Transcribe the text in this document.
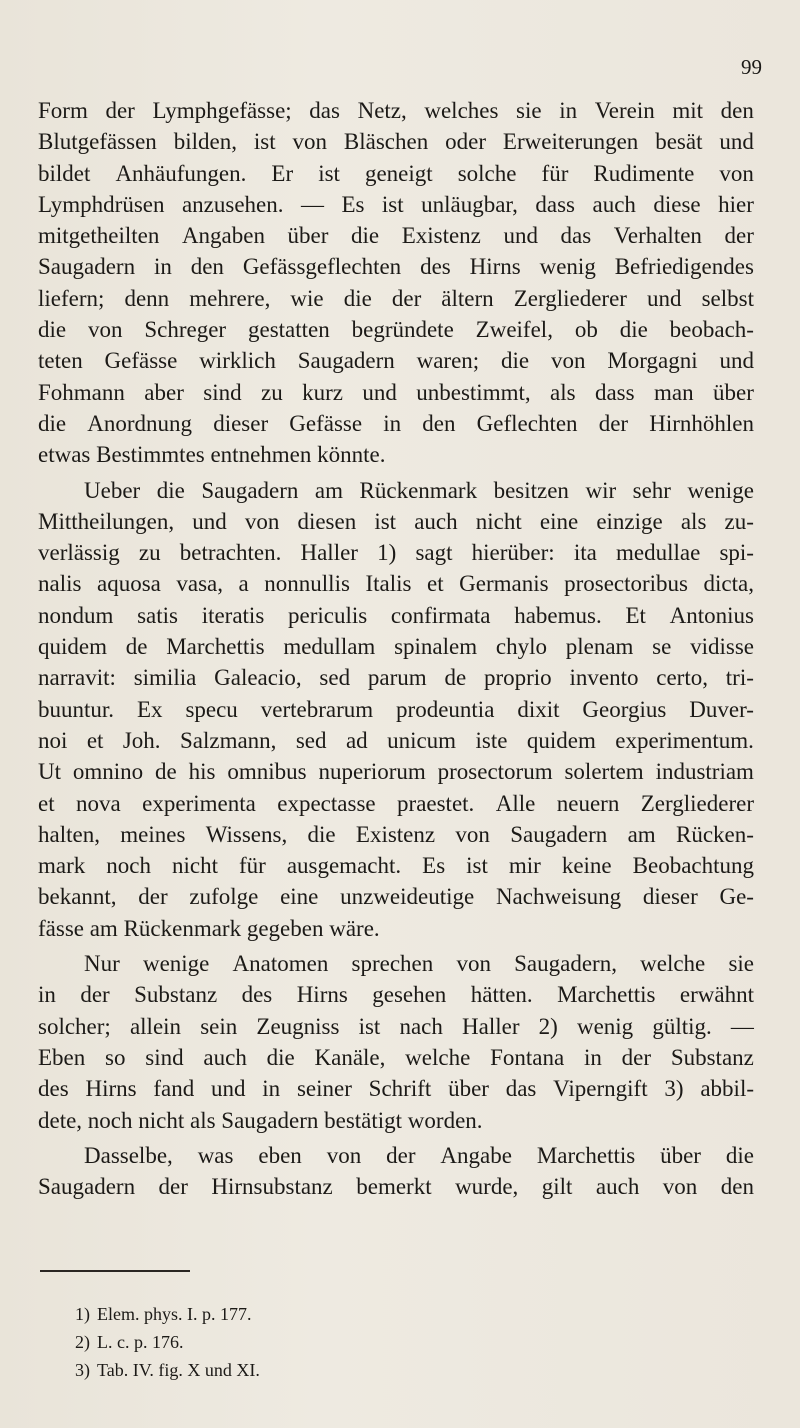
99
Form der Lymphgefässe; das Netz, welches sie in Verein mit den
Blutgefässen bilden, ist von Bläschen oder Erweiterungen besät und
bildet Anhäufungen. Er ist geneigt solche für Rudimente von
Lymphdrüsen anzusehen. — Es ist unläugbar, dass auch diese hier
mitgetheilten Angaben über die Existenz und das Verhalten der
Saugadern in den Gefässgeflechten des Hirns wenig Befriedigendes
liefern; denn mehrere, wie die der ältern Zergliederer und selbst
die von Schreger gestatten begründete Zweifel, ob die beobach-
teten Gefässe wirklich Saugadern waren; die von Morgagni und
Fohmann aber sind zu kurz und unbestimmt, als dass man über
die Anordnung dieser Gefässe in den Geflechten der Hirnhöhlen
etwas Bestimmtes entnehmen könnte.
Ueber die Saugadern am Rückenmark besitzen wir sehr wenige
Mittheilungen, und von diesen ist auch nicht eine einzige als zu-
verlässig zu betrachten. Haller 1) sagt hierüber: ita medullae spi-
nalis aquosa vasa, a nonnullis Italis et Germanis prosectoribus dicta,
nondum satis iteratis periculis confirmata habemus. Et Antonius
quidem de Marchettis medullam spinalem chylo plenam se vidisse
narravit: similia Galeacio, sed parum de proprio invento certo, tri-
buuntur. Ex specu vertebrarum prodeuntia dixit Georgius Duver-
noi et Joh. Salzmann, sed ad unicum iste quidem experimentum.
Ut omnino de his omnibus nuperiorum prosectorum solertem industriam
et nova experimenta expectasse praestet. Alle neuern Zergliederer
halten, meines Wissens, die Existenz von Saugadern am Rücken-
mark noch nicht für ausgemacht. Es ist mir keine Beobachtung
bekannt, der zufolge eine unzweideutige Nachweisung dieser Ge-
fässe am Rückenmark gegeben wäre.
Nur wenige Anatomen sprechen von Saugadern, welche sie
in der Substanz des Hirns gesehen hätten. Marchettis erwähnt
solcher; allein sein Zeugniss ist nach Haller 2) wenig gültig. —
Eben so sind auch die Kanäle, welche Fontana in der Substanz
des Hirns fand und in seiner Schrift über das Viperngift 3) abbil-
dete, noch nicht als Saugadern bestätigt worden.
Dasselbe, was eben von der Angabe Marchettis über die
Saugadern der Hirnsubstanz bemerkt wurde, gilt auch von den
1) Elem. phys. I. p. 177.
2) L. c. p. 176.
3) Tab. IV. fig. X und XI.
